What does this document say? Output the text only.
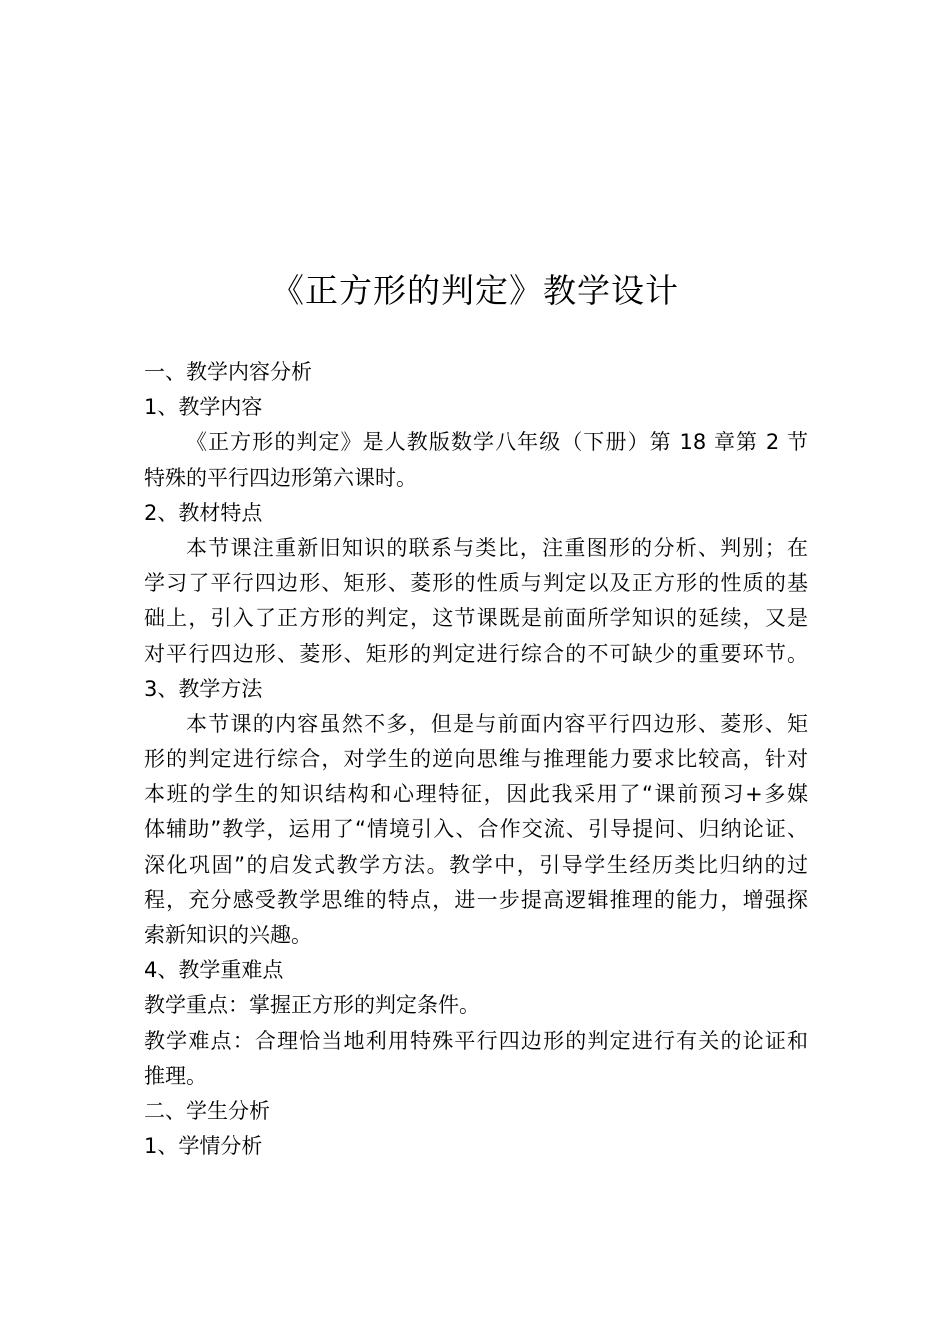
《正方形的判定》教学设计
一、教学内容分析
1、教学内容
《正方形的判定》是人教版数学八年级（下册）第 18 章第 2 节
特殊的平行四边形第六课时。
2、教材特点
本节课注重新旧知识的联系与类比，注重图形的分析、判别；在
学习了平行四边形、矩形、菱形的性质与判定以及正方形的性质的基
础上，引入了正方形的判定，这节课既是前面所学知识的延续，又是
对平行四边形、菱形、矩形的判定进行综合的不可缺少的重要环节。
3、教学方法
本节课的内容虽然不多，但是与前面内容平行四边形、菱形、矩
形的判定进行综合，对学生的逆向思维与推理能力要求比较高，针对
本班的学生的知识结构和心理特征，因此我采用了“课前预习+多媒
体辅助”教学，运用了“情境引入、合作交流、引导提问、归纳论证、
深化巩固”的启发式教学方法。教学中，引导学生经历类比归纳的过
程，充分感受教学思维的特点，进一步提高逻辑推理的能力，增强探
索新知识的兴趣。
4、教学重难点
教学重点：掌握正方形的判定条件。
教学难点：合理恰当地利用特殊平行四边形的判定进行有关的论证和
推理。
二、学生分析
1、学情分析
